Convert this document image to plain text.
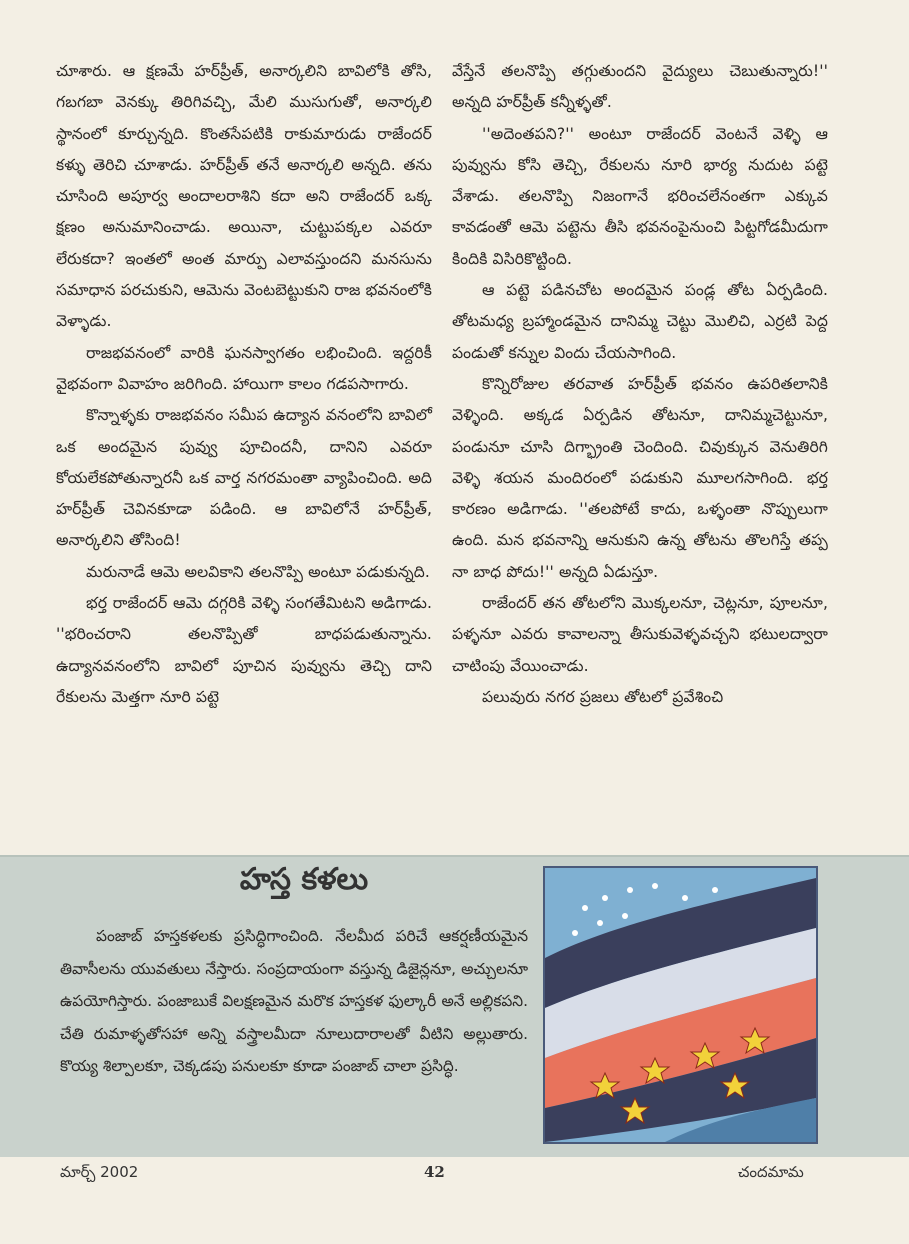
చూశారు. ఆ క్షణమే హర్‌ప్రీత్, అనార్కలిని బావిలోకి తోసి, గబగబా వెనక్కు తిరిగివచ్చి, మేలి ముసుగుతో, అనార్కలి స్థానంలో కూర్చున్నది. కొంతసేపటికి రాకుమారుడు రాజేందర్ కళ్ళు తెరిచి చూశాడు. హర్‌ప్రీత్ తనే అనార్కలి అన్నది. తను చూసింది అపూర్వ అందాలరాశిని కదా అని రాజేందర్ ఒక్క క్షణం అనుమానించాడు. అయినా, చుట్టుపక్కల ఎవరూ లేరుకదా? ఇంతలో అంత మార్పు ఎలావస్తుందని మనసును సమాధాన పరచుకుని, ఆమెను వెంటబెట్టుకుని రాజ భవనంలోకి వెళ్ళాడు.

రాజభవనంలో వారికి ఘనస్వాగతం లభించింది. ఇద్దరికీ వైభవంగా వివాహం జరిగింది. హాయిగా కాలం గడపసాగారు.

కొన్నాళ్ళకు రాజభవనం సమీప ఉద్యాన వనంలోని బావిలో ఒక అందమైన పువ్వు పూచిందనీ, దానిని ఎవరూ కోయలేకపోతున్నారనీ ఒక వార్త నగరమంతా వ్యాపించింది. అది హర్‌ప్రీత్ చెవినకూడా పడింది. ఆ బావిలోనే హర్‌ప్రీత్, అనార్కలిని తోసింది!

మరునాడే ఆమె అలవికాని తలనొప్పి అంటూ పడుకున్నది.

భర్త రాజేందర్ ఆమె దగ్గరికి వెళ్ళి సంగతేమిటని అడిగాడు. ''భరించరాని తలనొప్పితో బాధపడుతున్నాను. ఉద్యానవనంలోని బావిలో పూచిన పువ్వును తెచ్చి దాని రేకులను మెత్తగా నూరి పట్టె

వేస్తేనే తలనొప్పి తగ్గుతుందని వైద్యులు చెబుతున్నారు!'' అన్నది హర్‌ప్రీత్ కన్నీళ్ళతో.

''అదెంతపని?'' అంటూ రాజేందర్ వెంటనే వెళ్ళి ఆ పువ్వును కోసి తెచ్చి, రేకులను నూరి భార్య నుదుట పట్టె వేశాడు. తలనొప్పి నిజంగానే భరించలేనంతగా ఎక్కువ కావడంతో ఆమె పట్టెను తీసి భవనంపైనుంచి పిట్టగోడమీదుగా కిందికి విసిరికొట్టింది.

ఆ పట్టె పడినచోట అందమైన పండ్ల తోట ఏర్పడింది. తోటమధ్య బ్రహ్మాండమైన దానిమ్మ చెట్టు మొలిచి, ఎర్రటి పెద్ద పండుతో కన్నుల విందు చేయసాగింది.

కొన్నిరోజుల తరవాత హర్‌ప్రీత్ భవనం ఉపరితలానికి వెళ్ళింది. అక్కడ ఏర్పడిన తోటనూ, దానిమ్మచెట్టునూ, పండునూ చూసి దిగ్భ్రాంతి చెందింది. చివుక్కున వెనుతిరిగి వెళ్ళి శయన మందిరంలో పడుకుని మూలగసాగింది. భర్త కారణం అడిగాడు. ''తలపోటే కాదు, ఒళ్ళంతా నొప్పులుగా ఉంది. మన భవనాన్ని ఆనుకుని ఉన్న తోటను తొలగిస్తే తప్ప నా బాధ పోదు!'' అన్నది ఏడుస్తూ.

రాజేందర్ తన తోటలోని మొక్కలనూ, చెట్లనూ, పూలనూ, పళ్ళనూ ఎవరు కావాలన్నా తీసుకువెళ్ళవచ్చని భటులద్వారా చాటింపు వేయించాడు.

పలువురు నగర ప్రజలు తోటలో ప్రవేశించి

హస్త కళలు
పంజాబ్ హస్తకళలకు ప్రసిద్ధిగాంచింది. నేలమీద పరిచే ఆకర్షణీయమైన తివాసీలను యువతులు నేస్తారు. సంప్రదాయంగా వస్తున్న డిజైన్లనూ, అచ్చులనూ ఉపయోగిస్తారు. పంజాబుకే విలక్షణమైన మరొక హస్తకళ ఫుల్కారీ అనే అల్లికపని. చేతి రుమాళ్ళతోసహా అన్ని వస్త్రాలమీదా నూలుదారాలతో వీటిని అల్లుతారు. కొయ్య శిల్పాలకూ, చెక్కడపు పనులకూ కూడా పంజాబ్ చాలా ప్రసిద్ధి.
మార్చ్ 2002	42	చందమామ
